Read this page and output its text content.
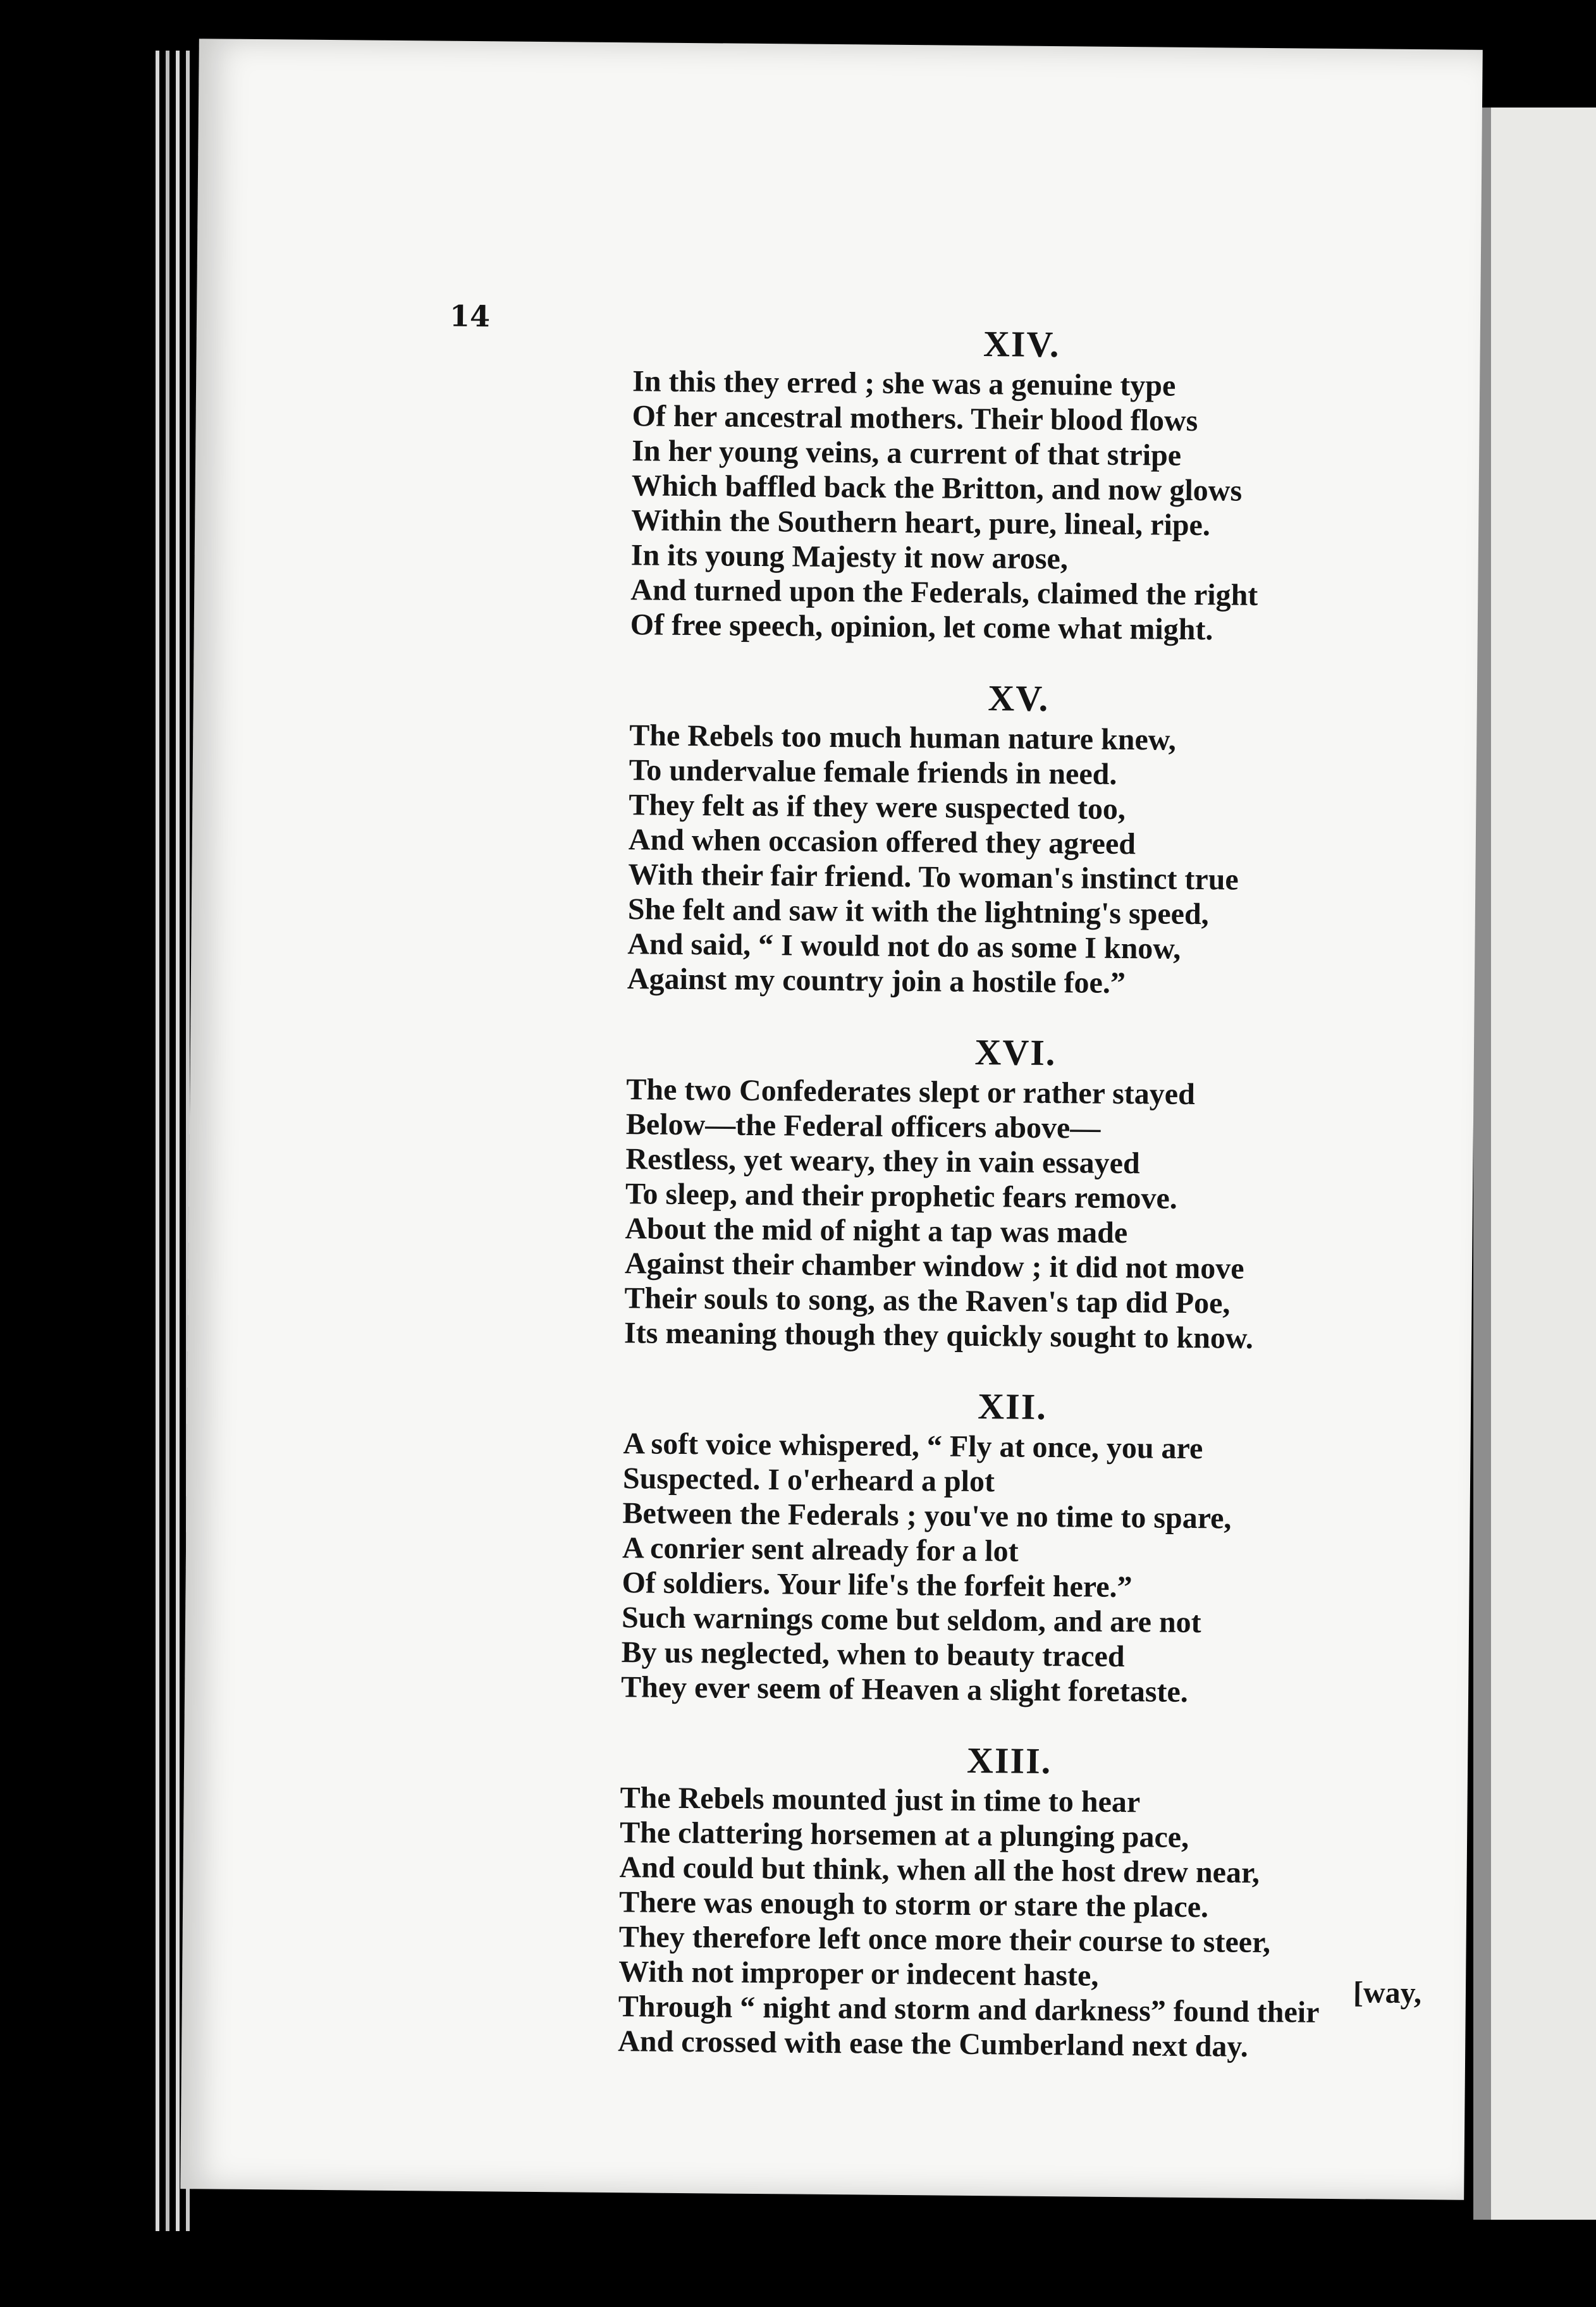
14
XIV.
In this they erred ; she was a genuine type
Of her ancestral mothers. Their blood flows
In her young veins, a current of that stripe
Which baffled back the Britton, and now glows
Within the Southern heart, pure, lineal, ripe.
In its young Majesty it now arose,
And turned upon the Federals, claimed the right
Of free speech, opinion, let come what might.
XV.
The Rebels too much human nature knew,
To undervalue female friends in need.
They felt as if they were suspected too,
And when occasion offered they agreed
With their fair friend. To woman's instinct true
She felt and saw it with the lightning's speed,
And said, “ I would not do as some I know,
Against my country join a hostile foe.”
XVI.
The two Confederates slept or rather stayed
Below—the Federal officers above—
Restless, yet weary, they in vain essayed
To sleep, and their prophetic fears remove.
About the mid of night a tap was made
Against their chamber window ; it did not move
Their souls to song, as the Raven's tap did Poe,
Its meaning though they quickly sought to know.
XII.
A soft voice whispered, “ Fly at once, you are
Suspected. I o'erheard a plot
Between the Federals ; you've no time to spare,
A conrier sent already for a lot
Of soldiers. Your life's the forfeit here.”
Such warnings come but seldom, and are not
By us neglected, when to beauty traced
They ever seem of Heaven a slight foretaste.
XIII.
The Rebels mounted just in time to hear
The clattering horsemen at a plunging pace,
And could but think, when all the host drew near,
There was enough to storm or stare the place.
They therefore left once more their course to steer,
With not improper or indecent haste,
[way,
Through “ night and storm and darkness” found their
And crossed with ease the Cumberland next day.
